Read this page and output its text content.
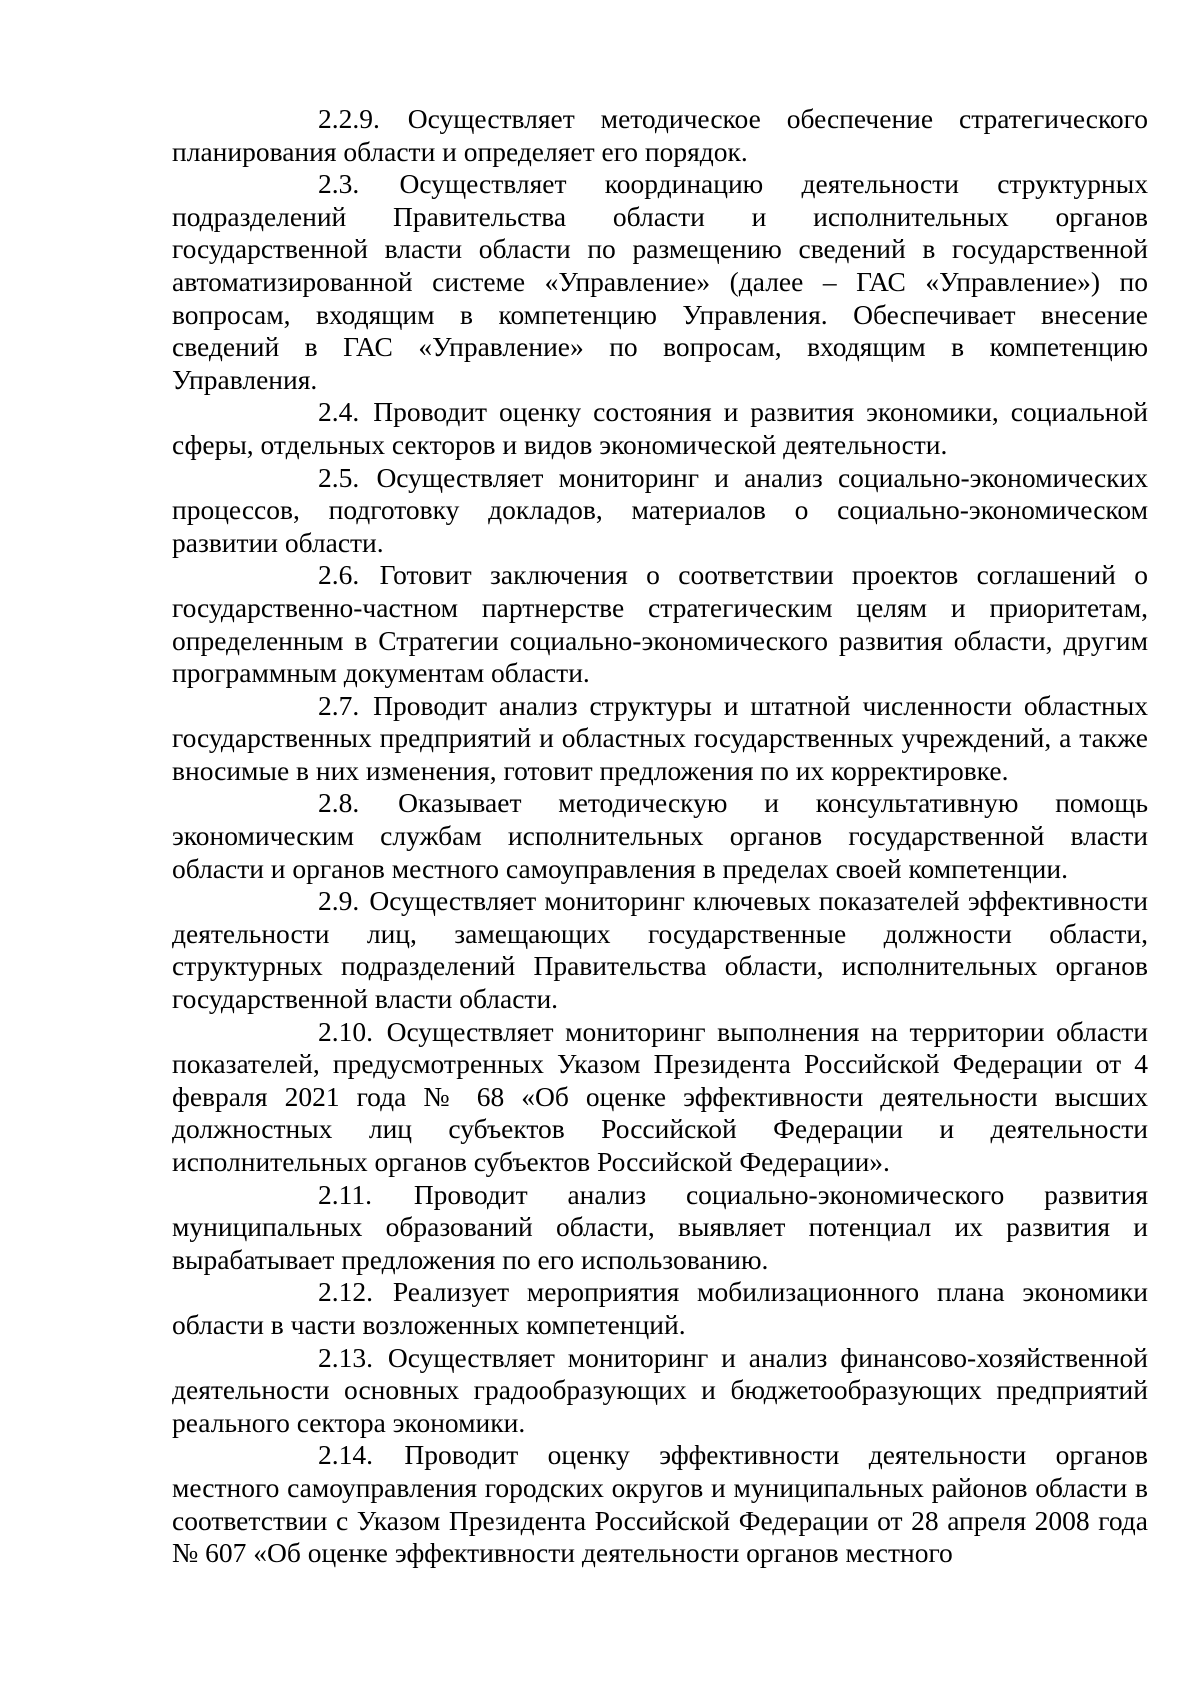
2.2.9. Осуществляет методическое обеспечение стратегического планирования области и определяет его порядок.

2.3. Осуществляет координацию деятельности структурных подразделений Правительства области и исполнительных органов государственной власти области по размещению сведений в государственной автоматизированной системе «Управление» (далее – ГАС «Управление») по вопросам, входящим в компетенцию Управления. Обеспечивает внесение сведений в ГАС «Управление» по вопросам, входящим в компетенцию Управления.

2.4. Проводит оценку состояния и развития экономики, социальной сферы, отдельных секторов и видов экономической деятельности.

2.5. Осуществляет мониторинг и анализ социально-экономических процессов, подготовку докладов, материалов о социально-экономическом развитии области.

2.6. Готовит заключения о соответствии проектов соглашений о государственно-частном партнерстве стратегическим целям и приоритетам, определенным в Стратегии социально-экономического развития области, другим программным документам области.

2.7. Проводит анализ структуры и штатной численности областных государственных предприятий и областных государственных учреждений, а также вносимые в них изменения, готовит предложения по их корректировке.

2.8. Оказывает методическую и консультативную помощь экономическим службам исполнительных органов государственной власти области и органов местного самоуправления в пределах своей компетенции.

2.9. Осуществляет мониторинг ключевых показателей эффективности деятельности лиц, замещающих государственные должности области, структурных подразделений Правительства области, исполнительных органов государственной власти области.

2.10. Осуществляет мониторинг выполнения на территории области показателей, предусмотренных Указом Президента Российской Федерации от 4 февраля 2021 года № 68 «Об оценке эффективности деятельности высших должностных лиц субъектов Российской Федерации и деятельности исполнительных органов субъектов Российской Федерации».

2.11. Проводит анализ социально-экономического развития муниципальных образований области, выявляет потенциал их развития и вырабатывает предложения по его использованию.

2.12. Реализует мероприятия мобилизационного плана экономики области в части возложенных компетенций.

2.13. Осуществляет мониторинг и анализ финансово-хозяйственной деятельности основных градообразующих и бюджетообразующих предприятий реального сектора экономики.

2.14. Проводит оценку эффективности деятельности органов местного самоуправления городских округов и муниципальных районов области в соответствии с Указом Президента Российской Федерации от 28 апреля 2008 года № 607 «Об оценке эффективности деятельности органов местного
